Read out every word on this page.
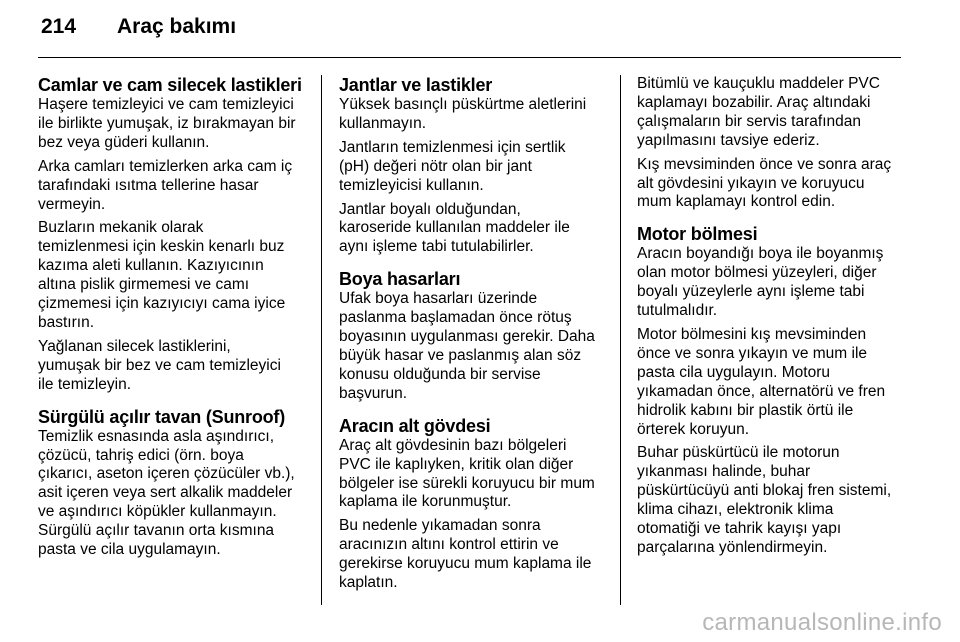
214 Araç bakımı
Camlar ve cam silecek lastikleri

Haşere temizleyici ve cam temizleyici
ile birlikte yumuşak, iz bırakmayan bir
bez veya güderi kullanın.

Arka camları temizlerken arka cam iç
tarafındaki ısıtma tellerine hasar
vermeyin.

Buzların mekanik olarak
temizlenmesi için keskin kenarlı buz
kazıma aleti kullanın. Kazıyıcının
altına pislik girmemesi ve camı
çizmemesi için kazıyıcıyı cama iyice
bastırın.

Yağlanan silecek lastiklerini,
yumuşak bir bez ve cam temizleyici
ile temizleyin.

Sürgülü açılır tavan (Sunroof)

Temizlik esnasında asla aşındırıcı,
çözücü, tahriş edici (örn. boya
çıkarıcı, aseton içeren çözücüler vb.),
asit içeren veya sert alkalik maddeler
ve aşındırıcı köpükler kullanmayın.
Sürgülü açılır tavanın orta kısmına
pasta ve cila uygulamayın.

Jantlar ve lastikler

Yüksek basınçlı püskürtme aletlerini
kullanmayın.

Jantların temizlenmesi için sertlik
(pH) değeri nötr olan bir jant
temizleyicisi kullanın.

Jantlar boyalı olduğundan,
karoseride kullanılan maddeler ile
aynı işleme tabi tutulabilirler.

Boya hasarları

Ufak boya hasarları üzerinde
paslanma başlamadan önce rötuş
boyasının uygulanması gerekir. Daha
büyük hasar ve paslanmış alan söz
konusu olduğunda bir servise
başvurun.

Aracın alt gövdesi

Araç alt gövdesinin bazı bölgeleri
PVC ile kaplıyken, kritik olan diğer
bölgeler ise sürekli koruyucu bir mum
kaplama ile korunmuştur.

Bu nedenle yıkamadan sonra
aracınızın altını kontrol ettirin ve
gerekirse koruyucu mum kaplama ile
kaplatın.

Bitümlü ve kauçuklu maddeler PVC
kaplamayı bozabilir. Araç altındaki
çalışmaların bir servis tarafından
yapılmasını tavsiye ederiz.

Kış mevsiminden önce ve sonra araç
alt gövdesini yıkayın ve koruyucu
mum kaplamayı kontrol edin.

Motor bölmesi

Aracın boyandığı boya ile boyanmış
olan motor bölmesi yüzeyleri, diğer
boyalı yüzeylerle aynı işleme tabi
tutulmalıdır.

Motor bölmesini kış mevsiminden
önce ve sonra yıkayın ve mum ile
pasta cila uygulayın. Motoru
yıkamadan önce, alternatörü ve fren
hidrolik kabını bir plastik örtü ile
örterek koruyun.

Buhar püskürtücü ile motorun
yıkanması halinde, buhar
püskürtücüyü anti blokaj fren sistemi,
klima cihazı, elektronik klima
otomatiği ve tahrik kayışı yapı
parçalarına yönlendirmeyin.

carmanualsonline.info
